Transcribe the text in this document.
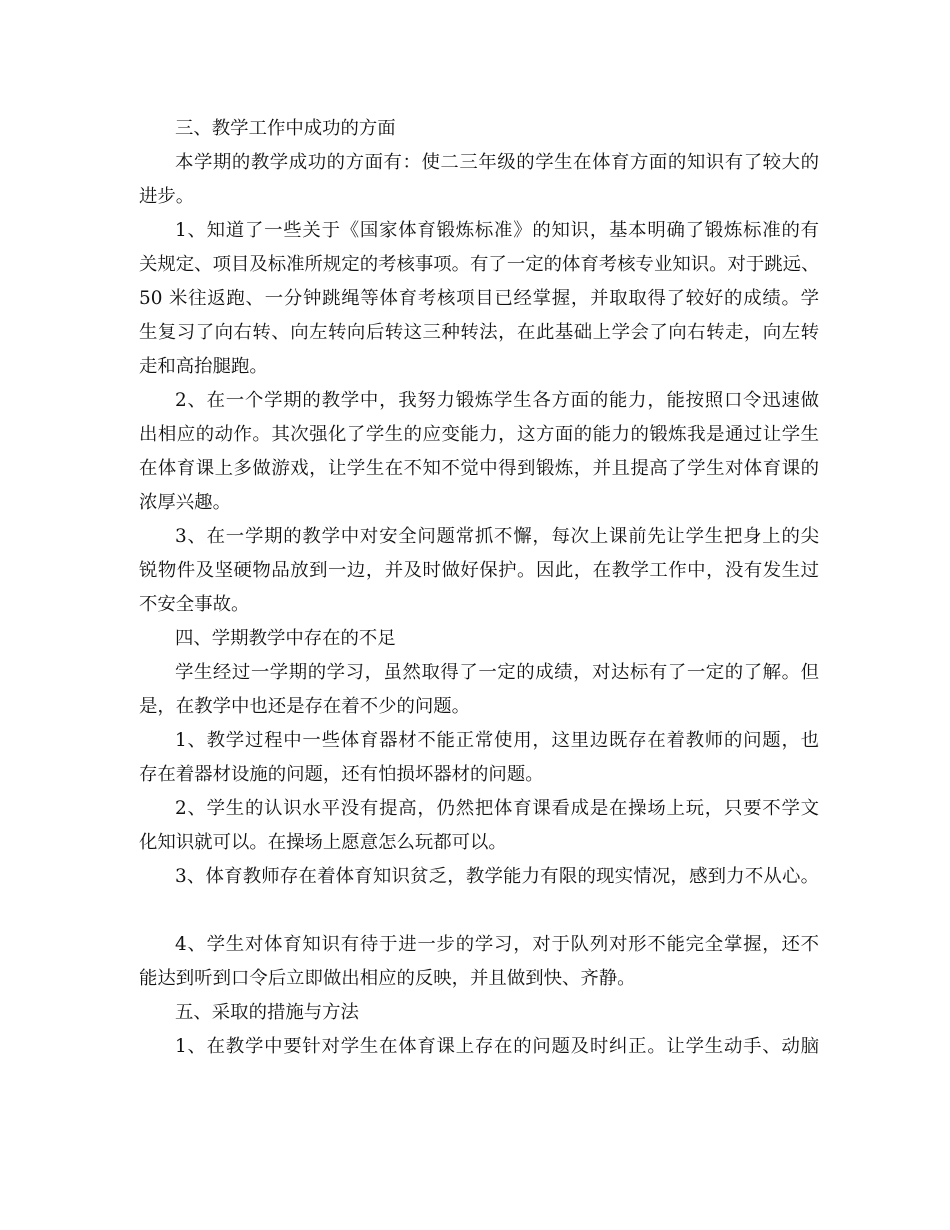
三、教学工作中成功的方面
本学期的教学成功的方面有：使二三年级的学生在体育方面的知识有了较大的
进步。
1、知道了一些关于《国家体育锻炼标准》的知识，基本明确了锻炼标准的有
关规定、项目及标准所规定的考核事项。有了一定的体育考核专业知识。对于跳远、
50 米往返跑、一分钟跳绳等体育考核项目已经掌握，并取取得了较好的成绩。学
生复习了向右转、向左转向后转这三种转法，在此基础上学会了向右转走，向左转
走和高抬腿跑。
2、在一个学期的教学中，我努力锻炼学生各方面的能力，能按照口令迅速做
出相应的动作。其次强化了学生的应变能力，这方面的能力的锻炼我是通过让学生
在体育课上多做游戏，让学生在不知不觉中得到锻炼，并且提高了学生对体育课的
浓厚兴趣。
3、在一学期的教学中对安全问题常抓不懈，每次上课前先让学生把身上的尖
锐物件及坚硬物品放到一边，并及时做好保护。因此，在教学工作中，没有发生过
不安全事故。
四、学期教学中存在的不足
学生经过一学期的学习，虽然取得了一定的成绩，对达标有了一定的了解。但
是，在教学中也还是存在着不少的问题。
1、教学过程中一些体育器材不能正常使用，这里边既存在着教师的问题，也
存在着器材设施的问题，还有怕损坏器材的问题。
2、学生的认识水平没有提高，仍然把体育课看成是在操场上玩，只要不学文
化知识就可以。在操场上愿意怎么玩都可以。
3、体育教师存在着体育知识贫乏，教学能力有限的现实情况，感到力不从心。
4、学生对体育知识有待于进一步的学习，对于队列对形不能完全掌握，还不
能达到听到口令后立即做出相应的反映，并且做到快、齐静。
五、采取的措施与方法
1、在教学中要针对学生在体育课上存在的问题及时纠正。让学生动手、动脑
